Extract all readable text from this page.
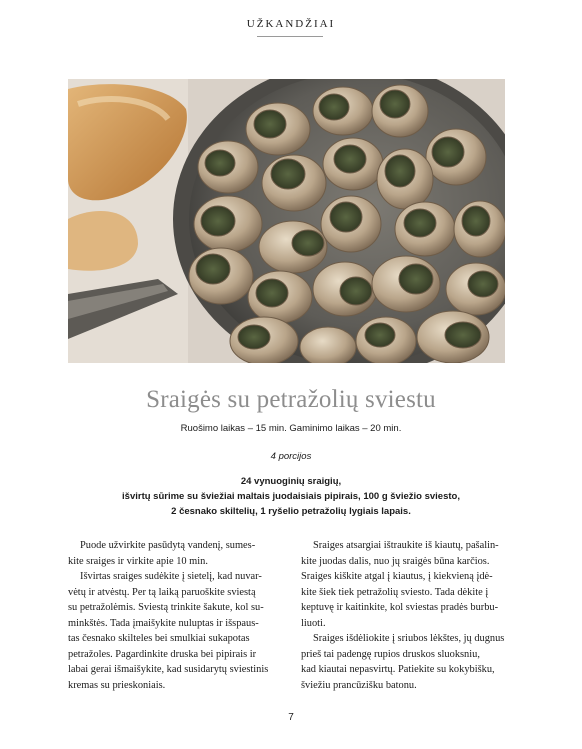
UŽKANDŽIAI
Sraigės su petražolių sviestu
Ruošimo laikas – 15 min. Gaminimo laikas – 20 min.
4 porcijos
24 vynuoginių sraigių,
išvirtų sūrime su šviežiai maltais juodaisiais pipirais, 100 g šviežio sviesto,
2 česnako skiltelių, 1 ryšelio petražolių lygiais lapais.
Puode užvirkite pasūdytą vandenį, sumes-
kite sraiges ir virkite apie 10 min.
Išvirtas sraiges sudėkite į sietelį, kad nuvar-
vėtų ir atvėstų. Per tą laiką paruoškite sviestą
su petražolėmis. Sviestą trinkite šakute, kol su-
minkštės. Tada įmaišykite nuluptas ir išspaus-
tas česnako skilteles bei smulkiai sukapotas
petražoles. Pagardinkite druska bei pipirais ir
labai gerai išmaišykite, kad susidarytų sviestinis
kremas su prieskoniais.
Sraiges atsargiai ištraukite iš kiautų, pašalin-
kite juodas dalis, nuo jų sraigės būna karčios.
Sraiges kiškite atgal į kiautus, į kiekvieną įdė-
kite šiek tiek petražolių sviesto. Tada dėkite į
keptuvę ir kaitinkite, kol sviestas pradės burbu-
liuoti.
Sraiges išdėliokite į sriubos lėkštes, jų dugnus
prieš tai padengę rupios druskos sluoksniu,
kad kiautai nepasvirtų. Patiekite su kokybišku,
šviežiu prancūzišku batonu.
7
